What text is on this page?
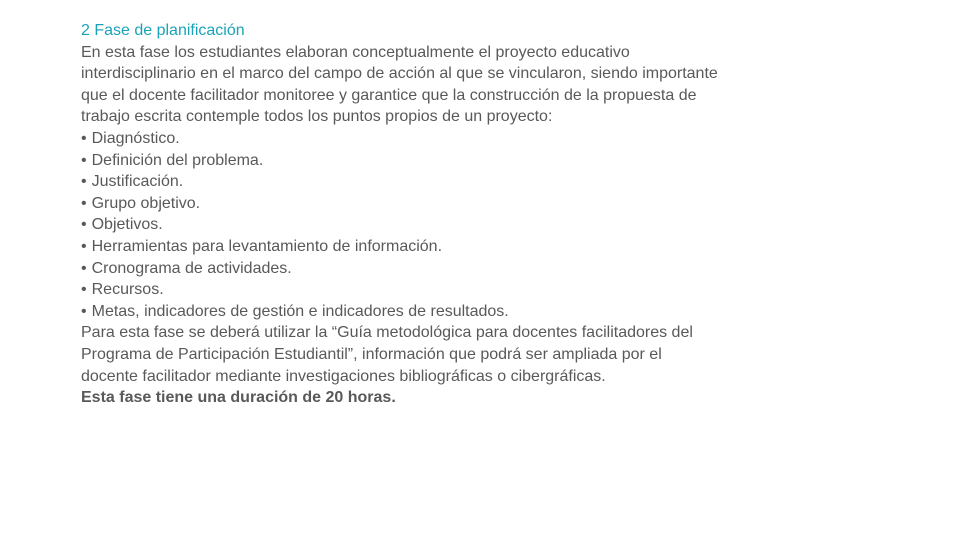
2 Fase de planificación

En esta fase los estudiantes elaboran conceptualmente el proyecto educativo interdisciplinario en el marco del campo de acción al que se vincularon, siendo importante que el docente facilitador monitoree y garantice que la construcción de la propuesta de trabajo escrita contemple todos los puntos propios de un proyecto:

• Diagnóstico.
• Definición del problema.
• Justificación.
• Grupo objetivo.
• Objetivos.
• Herramientas para levantamiento de información.
• Cronograma de actividades.
• Recursos.
• Metas, indicadores de gestión e indicadores de resultados.

Para esta fase se deberá utilizar la “Guía metodológica para docentes facilitadores del Programa de Participación Estudiantil”, información que podrá ser ampliada por el docente facilitador mediante investigaciones bibliográficas o cibergráficas.

Esta fase tiene una duración de 20 horas.
